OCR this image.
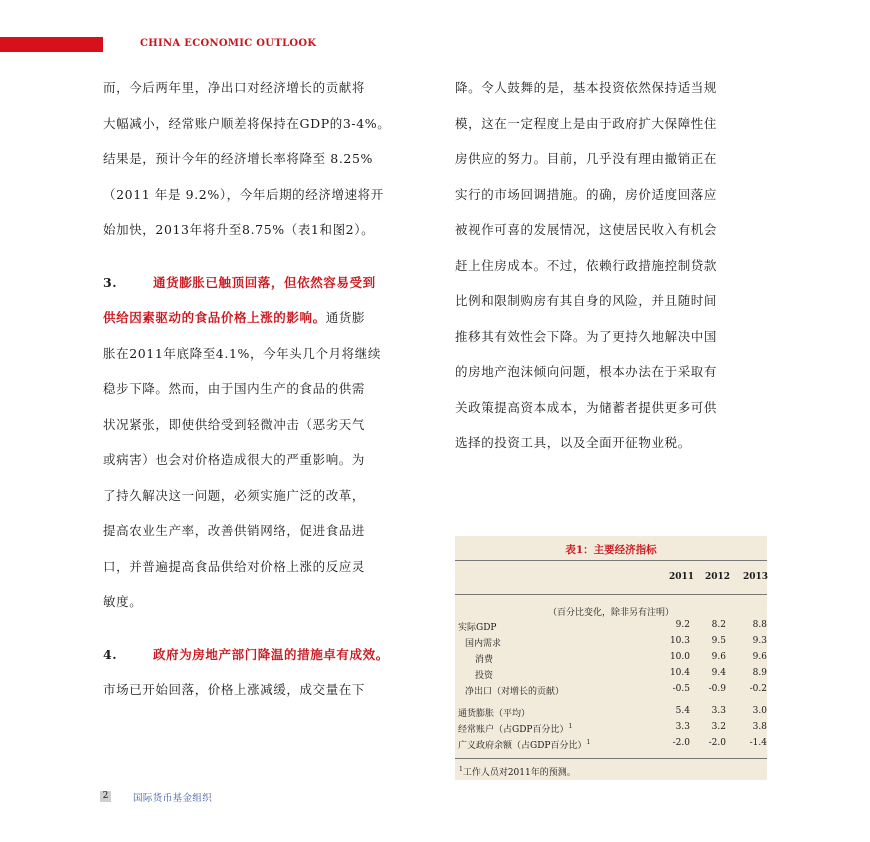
CHINA ECONOMIC OUTLOOK
而，今后两年里，净出口对经济增长的贡献将
大幅减小，经常账户顺差将保持在GDP的3-4%。
结果是，预计今年的经济增长率将降至 8.25%
（2011 年是 9.2%），今年后期的经济增速将开
始加快，2013年将升至8.75%（表1和图2）。
3.	通货膨胀已触顶回落，但依然容易受到
供给因素驱动的食品价格上涨的影响。通货膨
胀在2011年底降至4.1%，今年头几个月将继续
稳步下降。然而，由于国内生产的食品的供需
状况紧张，即使供给受到轻微冲击（恶劣天气
或病害）也会对价格造成很大的严重影响。为
了持久解决这一问题，必须实施广泛的改革，
提高农业生产率，改善供销网络，促进食品进
口，并普遍提高食品供给对价格上涨的反应灵
敏度。
4.	政府为房地产部门降温的措施卓有成效。
市场已开始回落，价格上涨减缓，成交量在下
降。令人鼓舞的是，基本投资依然保持适当规
模，这在一定程度上是由于政府扩大保障性住
房供应的努力。目前，几乎没有理由撤销正在
实行的市场回调措施。的确，房价适度回落应
被视作可喜的发展情况，这使居民收入有机会
赶上住房成本。不过，依赖行政措施控制贷款
比例和限制购房有其自身的风险，并且随时间
推移其有效性会下降。为了更持久地解决中国
的房地产泡沫倾向问题，根本办法在于采取有
关政策提高资本成本，为储蓄者提供更多可供
选择的投资工具，以及全面开征物业税。
表1：主要经济指标
2011 2012 2013
（百分比变化，除非另有注明）
实际GDP	9.2	8.2	8.8
国内需求	10.3	9.5	9.3
消费	10.0	9.6	9.6
投资	10.4	9.4	8.9
净出口（对增长的贡献）	-0.5	-0.9	-0.2
通货膨胀（平均）	5.4	3.3	3.0
经常账户（占GDP百分比）$^1$	3.3	3.2	3.8
广义政府余额（占GDP百分比）$^1$	-2.0	-2.0	-1.4
$^1$工作人员对2011年的预测。
2	国际货币基金组织
